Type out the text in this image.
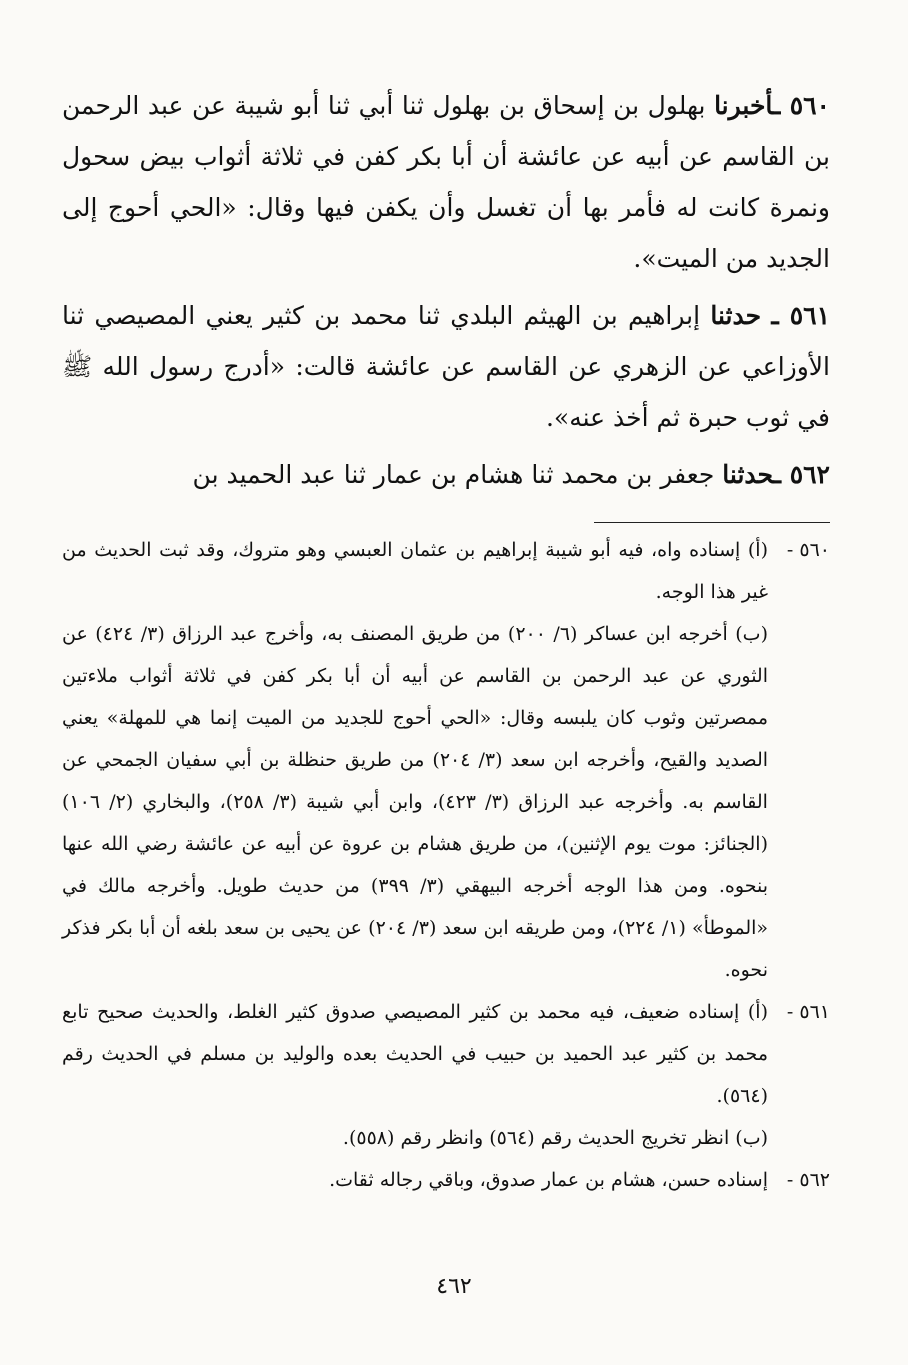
٥٦٠ ـأخبرنا بهلول بن إسحاق بن بهلول ثنا أبي ثنا أبو شيبة عن عبد الرحمن بن القاسم عن أبيه عن عائشة أن أبا بكر كفن في ثلاثة أثواب بيض سحول ونمرة كانت له فأمر بها أن تغسل وأن يكفن فيها وقال: «الحي أحوج إلى الجديد من الميت».

٥٦١ ـ حدثنا إبراهيم بن الهيثم البلدي ثنا محمد بن كثير يعني المصيصي ثنا الأوزاعي عن الزهري عن القاسم عن عائشة قالت: «أدرج رسول الله ﷺ في ثوب حبرة ثم أخذ عنه».

٥٦٢ ـحدثنا جعفر بن محمد ثنا هشام بن عمار ثنا عبد الحميد بن

٥٦٠ -

(أ) إسناده واه، فيه أبو شيبة إبراهيم بن عثمان العبسي وهو متروك، وقد ثبت الحديث من غير هذا الوجه.

(ب) أخرجه ابن عساكر (٦/ ٢٠٠) من طريق المصنف به، وأخرج عبد الرزاق (٣/ ٤٢٤) عن الثوري عن عبد الرحمن بن القاسم عن أبيه أن أبا بكر كفن في ثلاثة أثواب ملاءتين ممصرتين وثوب كان يلبسه وقال: «الحي أحوج للجديد من الميت إنما هي للمهلة» يعني الصديد والقيح، وأخرجه ابن سعد (٣/ ٢٠٤) من طريق حنظلة بن أبي سفيان الجمحي عن القاسم به. وأخرجه عبد الرزاق (٣/ ٤٢٣)، وابن أبي شيبة (٣/ ٢٥٨)، والبخاري (٢/ ١٠٦) (الجنائز: موت يوم الإثنين)، من طريق هشام بن عروة عن أبيه عن عائشة رضي الله عنها بنحوه. ومن هذا الوجه أخرجه البيهقي (٣/ ٣٩٩) من حديث طويل. وأخرجه مالك في «الموطأ» (١/ ٢٢٤)، ومن طريقه ابن سعد (٣/ ٢٠٤) عن يحيى بن سعد بلغه أن أبا بكر فذكر نحوه.

٥٦١ -

(أ) إسناده ضعيف، فيه محمد بن كثير المصيصي صدوق كثير الغلط، والحديث صحيح تابع محمد بن كثير عبد الحميد بن حبيب في الحديث بعده والوليد بن مسلم في الحديث رقم (٥٦٤).

(ب) انظر تخريج الحديث رقم (٥٦٤) وانظر رقم (٥٥٨).

٥٦٢ -

إسناده حسن، هشام بن عمار صدوق، وباقي رجاله ثقات.

٤٦٢
